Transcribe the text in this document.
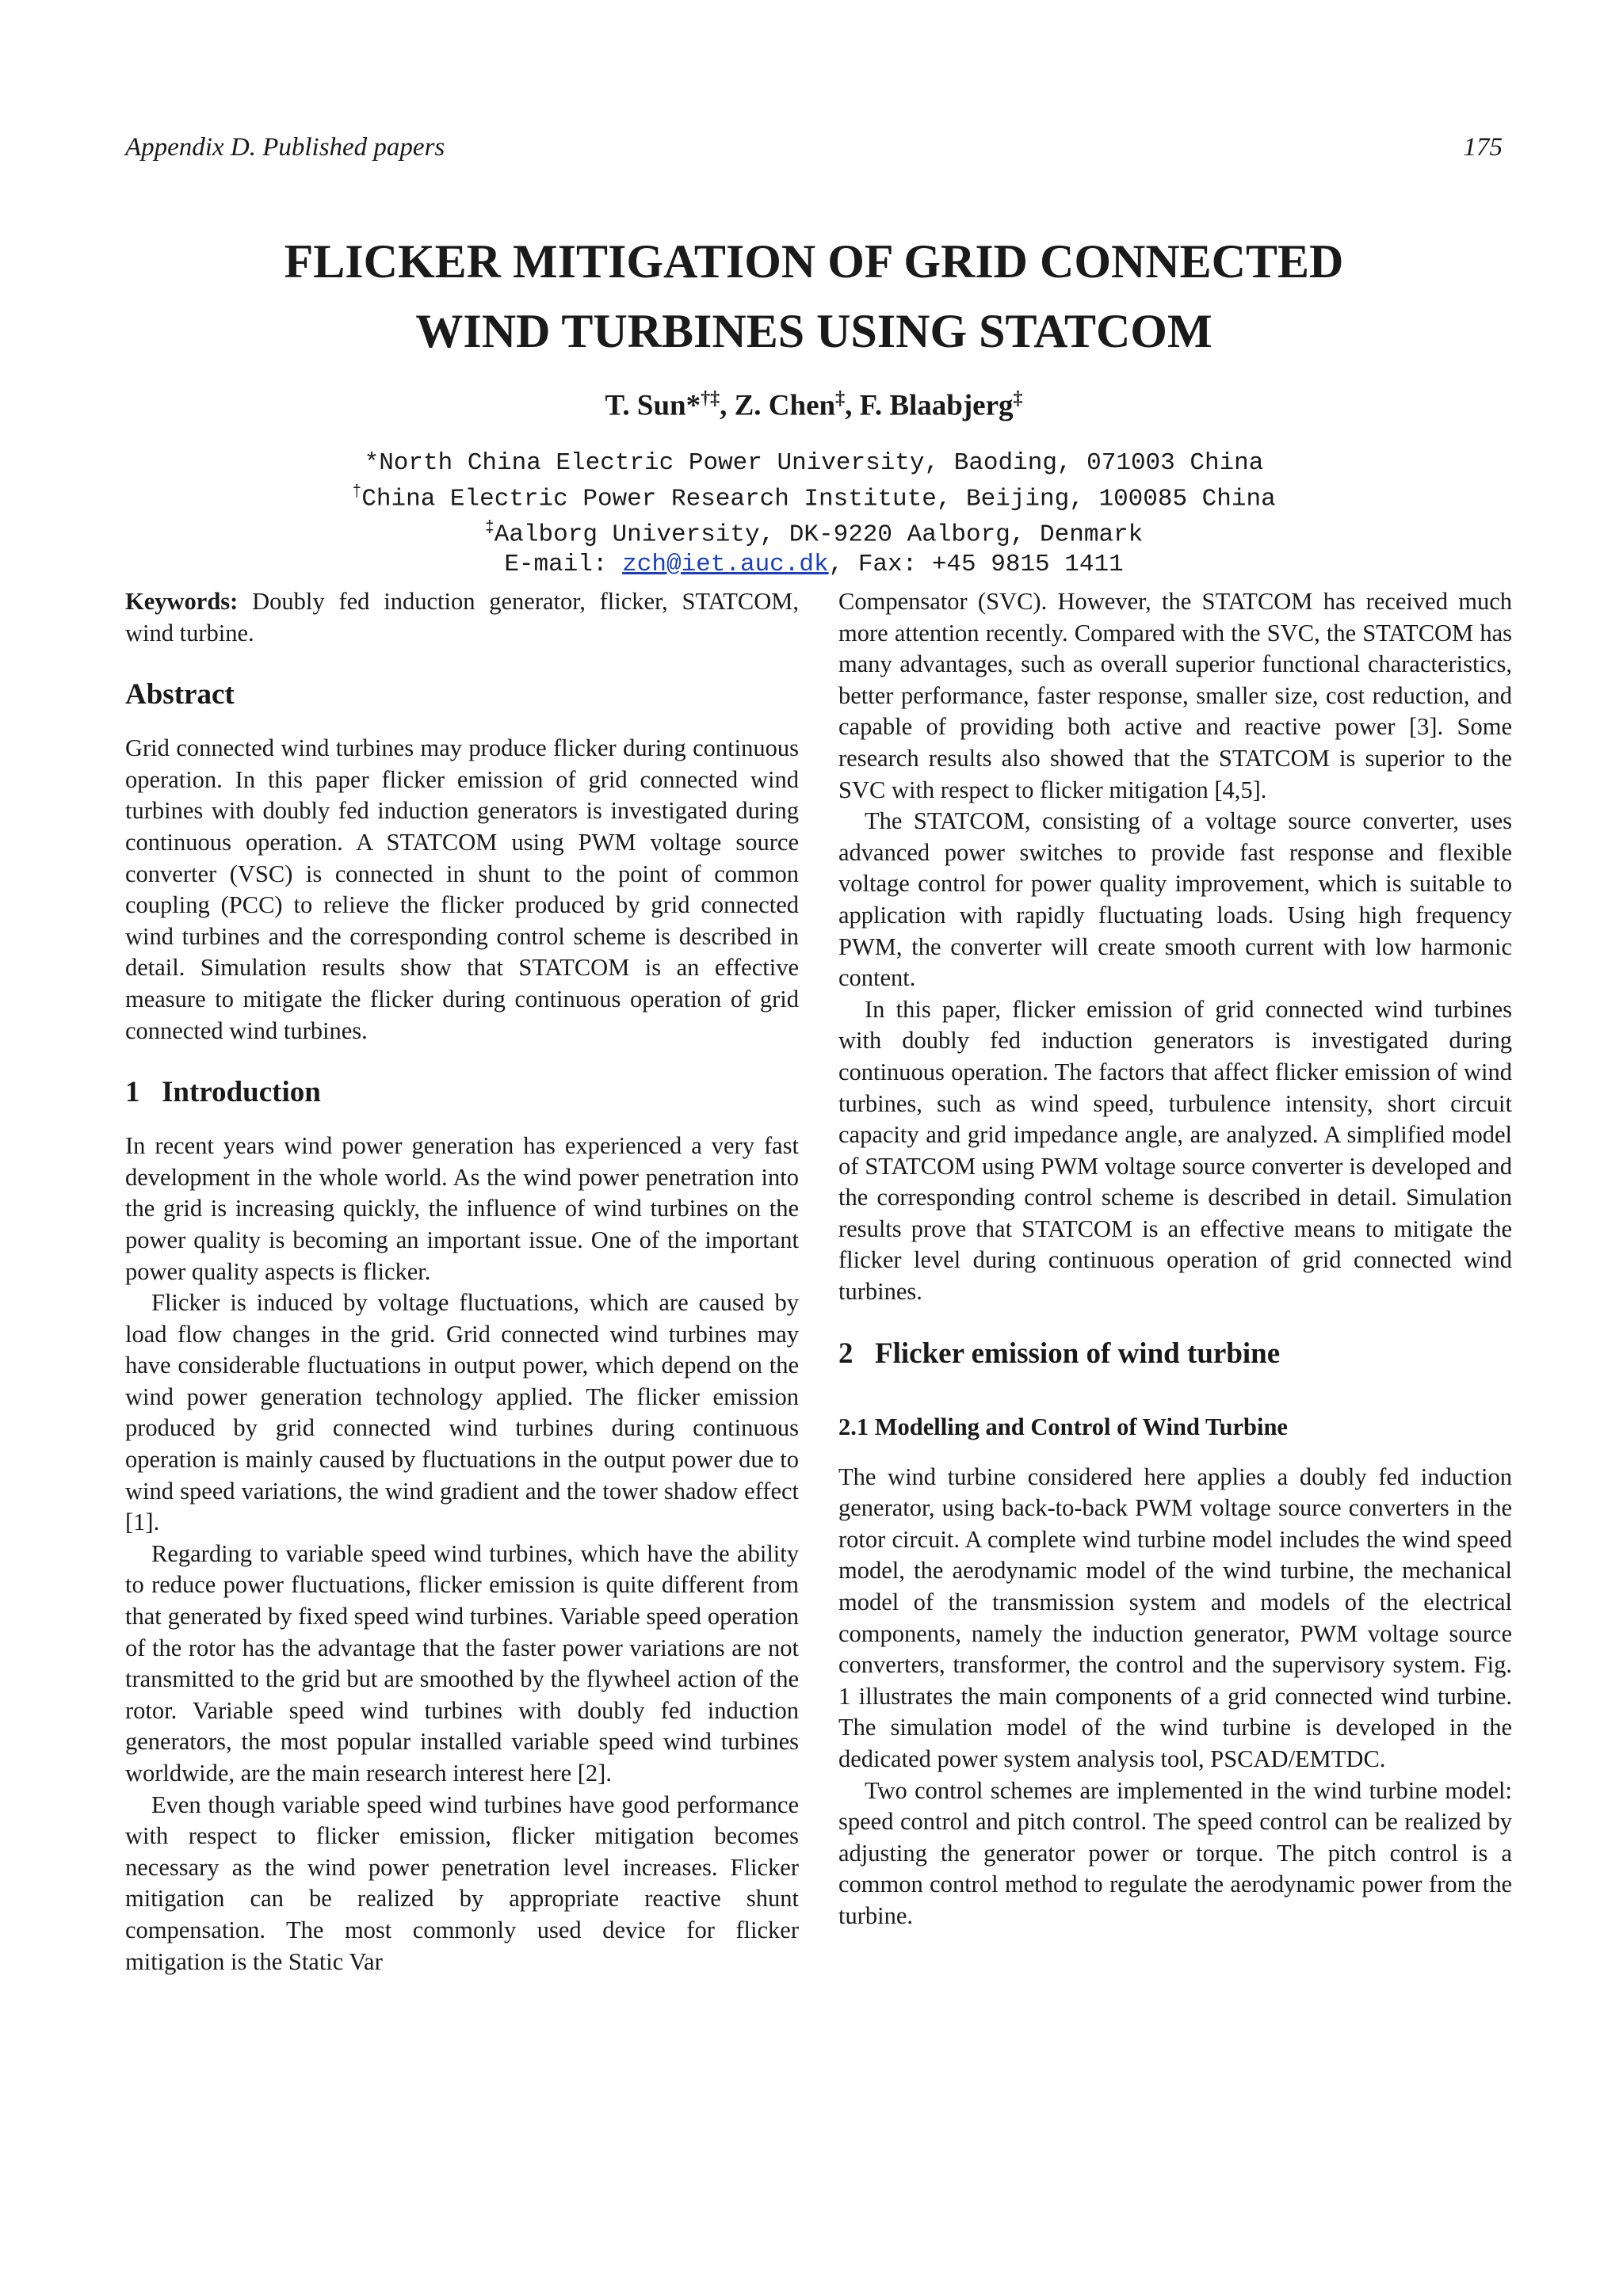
Appendix D. Published papers	175
FLICKER MITIGATION OF GRID CONNECTED
WIND TURBINES USING STATCOM
T. Sun*†‡, Z. Chen‡, F. Blaabjerg‡
*North China Electric Power University, Baoding, 071003 China
†China Electric Power Research Institute, Beijing, 100085 China
‡Aalborg University, DK-9220 Aalborg, Denmark
E-mail: zch@iet.auc.dk, Fax: +45 9815 1411

Keywords: Doubly fed induction generator, flicker, STATCOM, wind turbine.

Abstract

Grid connected wind turbines may produce flicker during continuous operation. In this paper flicker emission of grid connected wind turbines with doubly fed induction generators is investigated during continuous operation. A STATCOM using PWM voltage source converter (VSC) is connected in shunt to the point of common coupling (PCC) to relieve the flicker produced by grid connected wind turbines and the corresponding control scheme is described in detail. Simulation results show that STATCOM is an effective measure to mitigate the flicker during continuous operation of grid connected wind turbines.

1 Introduction

In recent years wind power generation has experienced a very fast development in the whole world. As the wind power penetration into the grid is increasing quickly, the influence of wind turbines on the power quality is becoming an important issue. One of the important power quality aspects is flicker.

Flicker is induced by voltage fluctuations, which are caused by load flow changes in the grid. Grid connected wind turbines may have considerable fluctuations in output power, which depend on the wind power generation technology applied. The flicker emission produced by grid connected wind turbines during continuous operation is mainly caused by fluctuations in the output power due to wind speed variations, the wind gradient and the tower shadow effect [1].

Regarding to variable speed wind turbines, which have the ability to reduce power fluctuations, flicker emission is quite different from that generated by fixed speed wind turbines. Variable speed operation of the rotor has the advantage that the faster power variations are not transmitted to the grid but are smoothed by the flywheel action of the rotor. Variable speed wind turbines with doubly fed induction generators, the most popular installed variable speed wind turbines worldwide, are the main research interest here [2].

Even though variable speed wind turbines have good performance with respect to flicker emission, flicker mitigation becomes necessary as the wind power penetration level increases. Flicker mitigation can be realized by appropriate reactive shunt compensation. The most commonly used device for flicker mitigation is the Static Var

Compensator (SVC). However, the STATCOM has received much more attention recently. Compared with the SVC, the STATCOM has many advantages, such as overall superior functional characteristics, better performance, faster response, smaller size, cost reduction, and capable of providing both active and reactive power [3]. Some research results also showed that the STATCOM is superior to the SVC with respect to flicker mitigation [4,5].

The STATCOM, consisting of a voltage source converter, uses advanced power switches to provide fast response and flexible voltage control for power quality improvement, which is suitable to application with rapidly fluctuating loads. Using high frequency PWM, the converter will create smooth current with low harmonic content.

In this paper, flicker emission of grid connected wind turbines with doubly fed induction generators is investigated during continuous operation. The factors that affect flicker emission of wind turbines, such as wind speed, turbulence intensity, short circuit capacity and grid impedance angle, are analyzed. A simplified model of STATCOM using PWM voltage source converter is developed and the corresponding control scheme is described in detail. Simulation results prove that STATCOM is an effective means to mitigate the flicker level during continuous operation of grid connected wind turbines.

2 Flicker emission of wind turbine
2.1 Modelling and Control of Wind Turbine

The wind turbine considered here applies a doubly fed induction generator, using back-to-back PWM voltage source converters in the rotor circuit. A complete wind turbine model includes the wind speed model, the aerodynamic model of the wind turbine, the mechanical model of the transmission system and models of the electrical components, namely the induction generator, PWM voltage source converters, transformer, the control and the supervisory system. Fig. 1 illustrates the main components of a grid connected wind turbine. The simulation model of the wind turbine is developed in the dedicated power system analysis tool, PSCAD/EMTDC.

Two control schemes are implemented in the wind turbine model: speed control and pitch control. The speed control can be realized by adjusting the generator power or torque. The pitch control is a common control method to regulate the aerodynamic power from the turbine.
